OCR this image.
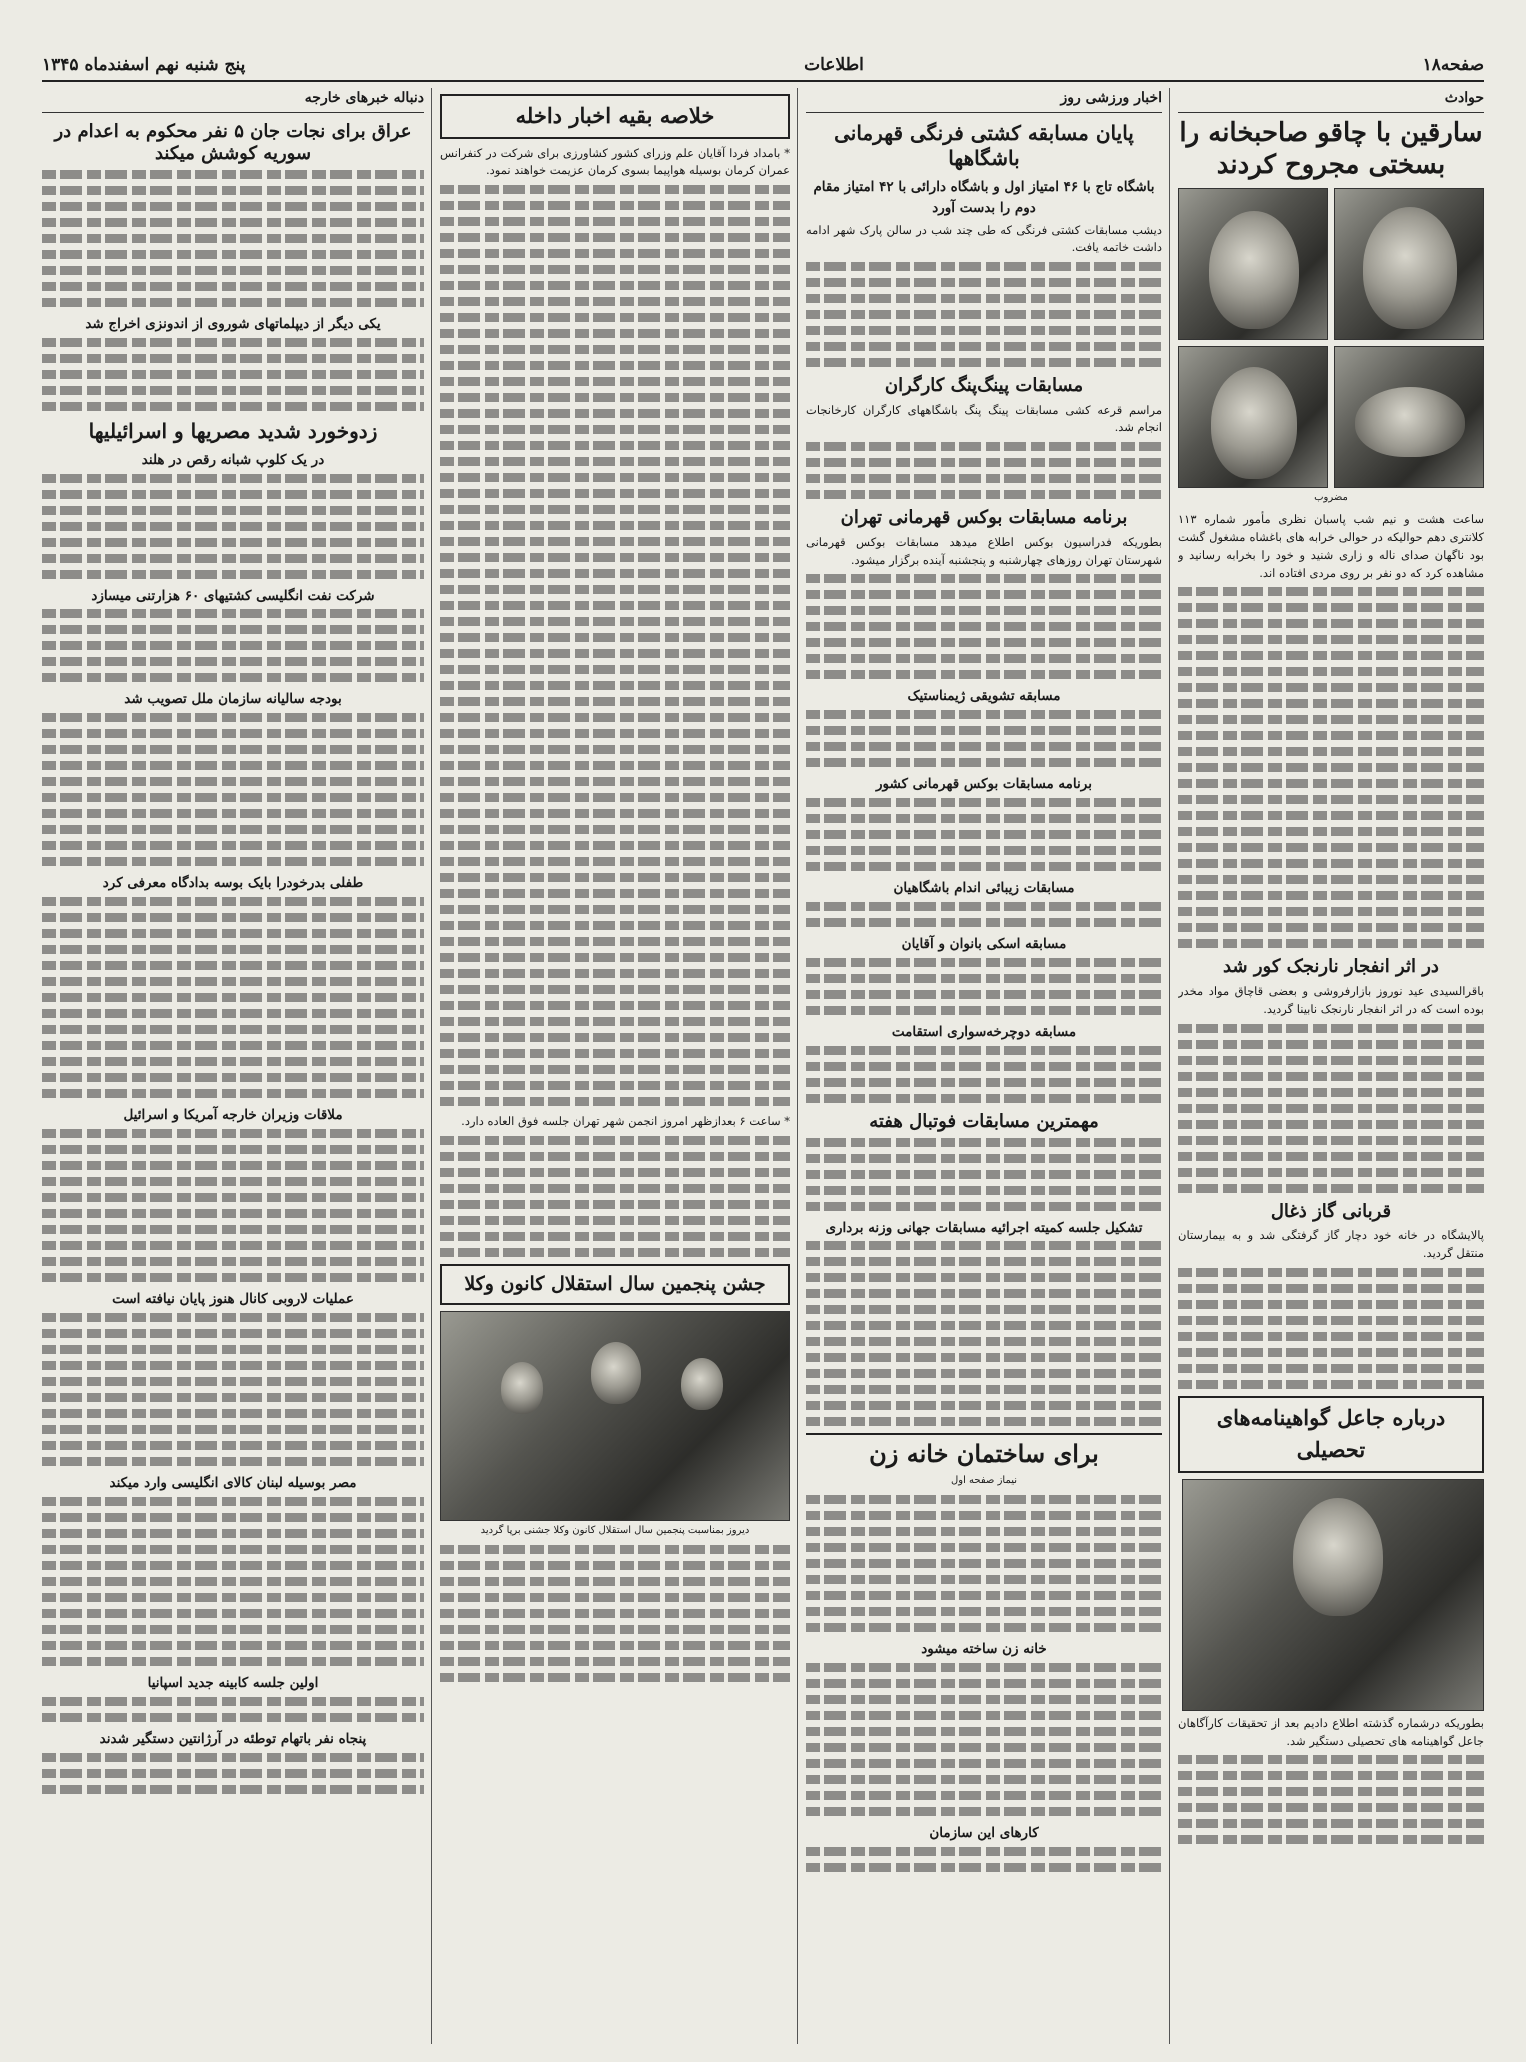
صفحه۱۸
اطلاعات
پنج شنبه نهم اسفندماه ۱۳۴۵
حوادث
سارقین با چاقو صاحبخانه را بسختی مجروح کردند
مضروب

ساعت هشت و نیم شب پاسبان نظری مأمور شماره ۱۱۳ کلانتری دهم حوالیکه در حوالی خرابه های باغشاه مشغول گشت بود ناگهان صدای ناله و زاری شنید و خود را بخرابه رسانید و مشاهده کرد که دو نفر بر روی مردی افتاده اند.

در اثر انفجار نارنجک کور شد

باقرالسیدی عید نوروز بازارفروشی و بعضی قاچاق مواد مخدر بوده است که در اثر انفجار نارنجک نابینا گردید.

قربانی گاز ذغال

پالایشگاه در خانه خود دچار گاز گرفتگی شد و به بیمارستان منتقل گردید.

درباره جاعل گواهینامه‌های تحصیلی

بطوریکه درشماره گذشته اطلاع دادیم بعد از تحقیقات کارآگاهان جاعل گواهینامه های تحصیلی دستگیر شد.

اخبار ورزشی روز
پایان مسابقه کشتی فرنگی قهرمانی باشگاهها
باشگاه تاج با ۴۶ امتیاز اول و باشگاه دارائی با ۴۲ امتیاز مقام دوم را بدست آورد

دیشب مسابقات کشتی فرنگی که طی چند شب در سالن پارک شهر ادامه داشت خاتمه یافت.

مسابقات پینگ‌پنگ کارگران

مراسم قرعه کشی مسابقات پینگ پنگ باشگاههای کارگران کارخانجات انجام شد.

برنامه مسابقات بوکس قهرمانی تهران

بطوریکه فدراسیون بوکس اطلاع میدهد مسابقات بوکس قهرمانی شهرستان تهران روزهای چهارشنبه و پنجشنبه آینده برگزار میشود.

مسابقه تشویقی ژیمناستیک
برنامه مسابقات بوکس قهرمانی کشور
مسابقات زیبائی اندام باشگاهیان
مسابقه اسکی بانوان و آقایان
مسابقه دوچرخه‌سواری استقامت
مهمترین مسابقات فوتبال هفته
تشکیل جلسه کمیته اجرائیه مسابقات جهانی وزنه برداری
برای ساختمان خانه زن
نیماز صفحه اول
خانه زن ساخته میشود
کارهای این سازمان
خلاصه بقیه اخبار داخله

* بامداد فردا آقایان علم وزرای کشور کشاورزی برای شرکت در کنفرانس عمران کرمان بوسیله هواپیما بسوی کرمان عزیمت خواهند نمود.

* ساعت ۶ بعدازظهر امروز انجمن شهر تهران جلسه فوق العاده دارد.

جشن پنجمین سال استقلال کانون وکلا
دیروز بمناسبت پنجمین سال استقلال کانون وکلا جشنی برپا گردید
دنباله خبرهای خارجه
عراق برای نجات جان ۵ نفر محکوم به اعدام در سوریه کوشش میکند
یکی دیگر از دیپلماتهای شوروی از اندونزی اخراج شد
زدوخورد شدید مصریها و اسرائیلیها
در یک کلوپ شبانه رقص در هلند
شرکت نفت انگلیسی کشتیهای ۶۰ هزارتنی میسازد
بودجه سالیانه سازمان ملل تصویب شد
طفلی بدرخودرا بایک بوسه بدادگاه معرفی کرد
ملاقات وزیران خارجه آمریکا و اسرائیل
عملیات لاروبی کانال هنوز پایان نیافته است
مصر بوسیله لبنان کالای انگلیسی وارد میکند
اولین جلسه کابینه جدید اسپانیا
پنجاه نفر باتهام توطئه در آرژانتین دستگیر شدند
